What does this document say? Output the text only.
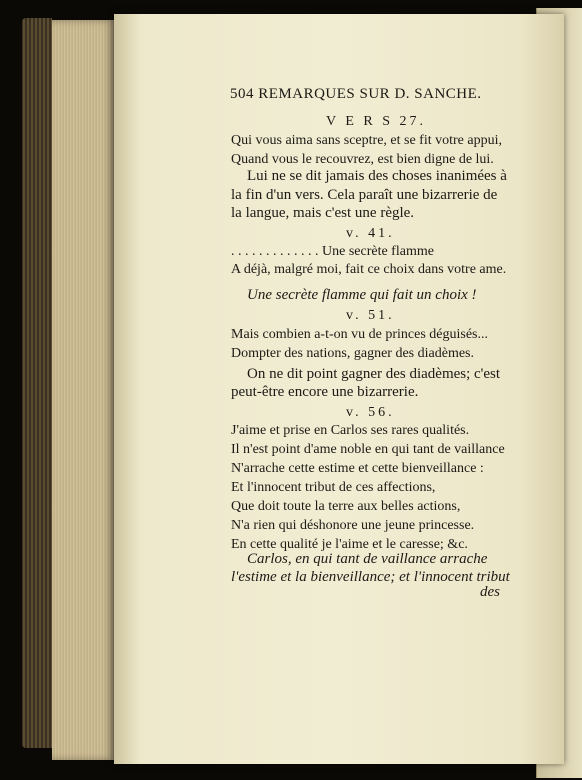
504 REMARQUES SUR D. SANCHE.
V E R S 27.
Qui vous aima sans sceptre, et se fit votre appui,
Quand vous le recouvrez, est bien digne de lui.
Lui ne se dit jamais des choses inanimées à
la fin d'un vers. Cela paraît une bizarrerie de
la langue, mais c'est une règle.
v. 41.
. . . . . . . . . . . . . Une secrète flamme
A déjà, malgré moi, fait ce choix dans votre ame.
Une secrète flamme qui fait un choix !
v. 51.
Mais combien a-t-on vu de princes déguisés...
Dompter des nations, gagner des diadèmes.
On ne dit point gagner des diadèmes; c'est
peut-être encore une bizarrerie.
v. 56.
J'aime et prise en Carlos ses rares qualités.
Il n'est point d'ame noble en qui tant de vaillance
N'arrache cette estime et cette bienveillance :
Et l'innocent tribut de ces affections,
Que doit toute la terre aux belles actions,
N'a rien qui déshonore une jeune princesse.
En cette qualité je l'aime et le caresse; &c.
Carlos, en qui tant de vaillance arrache
l'estime et la bienveillance; et l'innocent tribut
des
